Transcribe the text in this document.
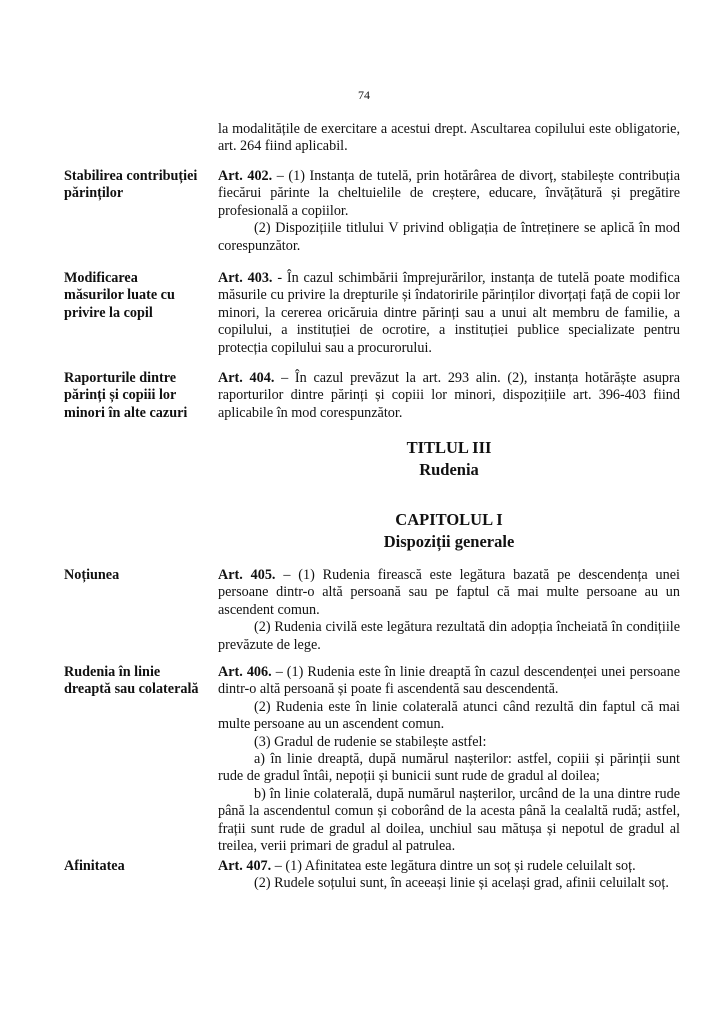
74
la modalitățile de exercitare a acestui drept. Ascultarea copilului este obligatorie, art. 264 fiind aplicabil.
Stabilirea contribuției părinților
Art. 402. – (1) Instanța de tutelă, prin hotărârea de divorț, stabilește contribuția fiecărui părinte la cheltuielile de creștere, educare, învățătură și pregătire profesională a copiilor.
(2) Dispozițiile titlului V privind obligația de întreținere se aplică în mod corespunzător.
Modificarea măsurilor luate cu privire la copil
Art. 403. - În cazul schimbării împrejurărilor, instanța de tutelă poate modifica măsurile cu privire la drepturile și îndatoririle părinților divorțați față de copii lor minori, la cererea oricăruia dintre părinți sau a unui alt membru de familie, a copilului, a instituției de ocrotire, a instituției publice specializate pentru protecția copilului sau a procurorului.
Raporturile dintre părinți și copiii lor minori în alte cazuri
Art. 404. – În cazul prevăzut la art. 293 alin. (2), instanța hotărăște asupra raporturilor dintre părinți și copiii lor minori, dispozițiile art. 396-403 fiind aplicabile în mod corespunzător.
TITLUL III
Rudenia
CAPITOLUL I
Dispoziții generale
Noțiunea	Art. 405. – (1) Rudenia firească este legătura bazată pe descendența unei persoane dintr-o altă persoană sau pe faptul că mai multe persoane au un ascendent comun.
(2) Rudenia civilă este legătura rezultată din adopția încheiată în condițiile prevăzute de lege.
Rudenia în linie dreaptă sau colaterală
Art. 406. – (1) Rudenia este în linie dreaptă în cazul descendenței unei persoane dintr-o altă persoană și poate fi ascendentă sau descendentă.
(2) Rudenia este în linie colaterală atunci când rezultă din faptul că mai multe persoane au un ascendent comun.
(3) Gradul de rudenie se stabilește astfel:
a) în linie dreaptă, după numărul nașterilor: astfel, copiii și părinții sunt rude de gradul întâi, nepoții și bunicii sunt rude de gradul al doilea;
b) în linie colaterală, după numărul nașterilor, urcând de la una dintre rude până la ascendentul comun și coborând de la acesta până la cealaltă rudă; astfel, frații sunt rude de gradul al doilea, unchiul sau mătușa și nepotul de gradul al treilea, verii primari de gradul al patrulea.
Afinitatea	Art. 407. – (1) Afinitatea este legătura dintre un soț și rudele celuilalt soț.
(2) Rudele soțului sunt, în aceeași linie și același grad, afinii celuilalt soț.
